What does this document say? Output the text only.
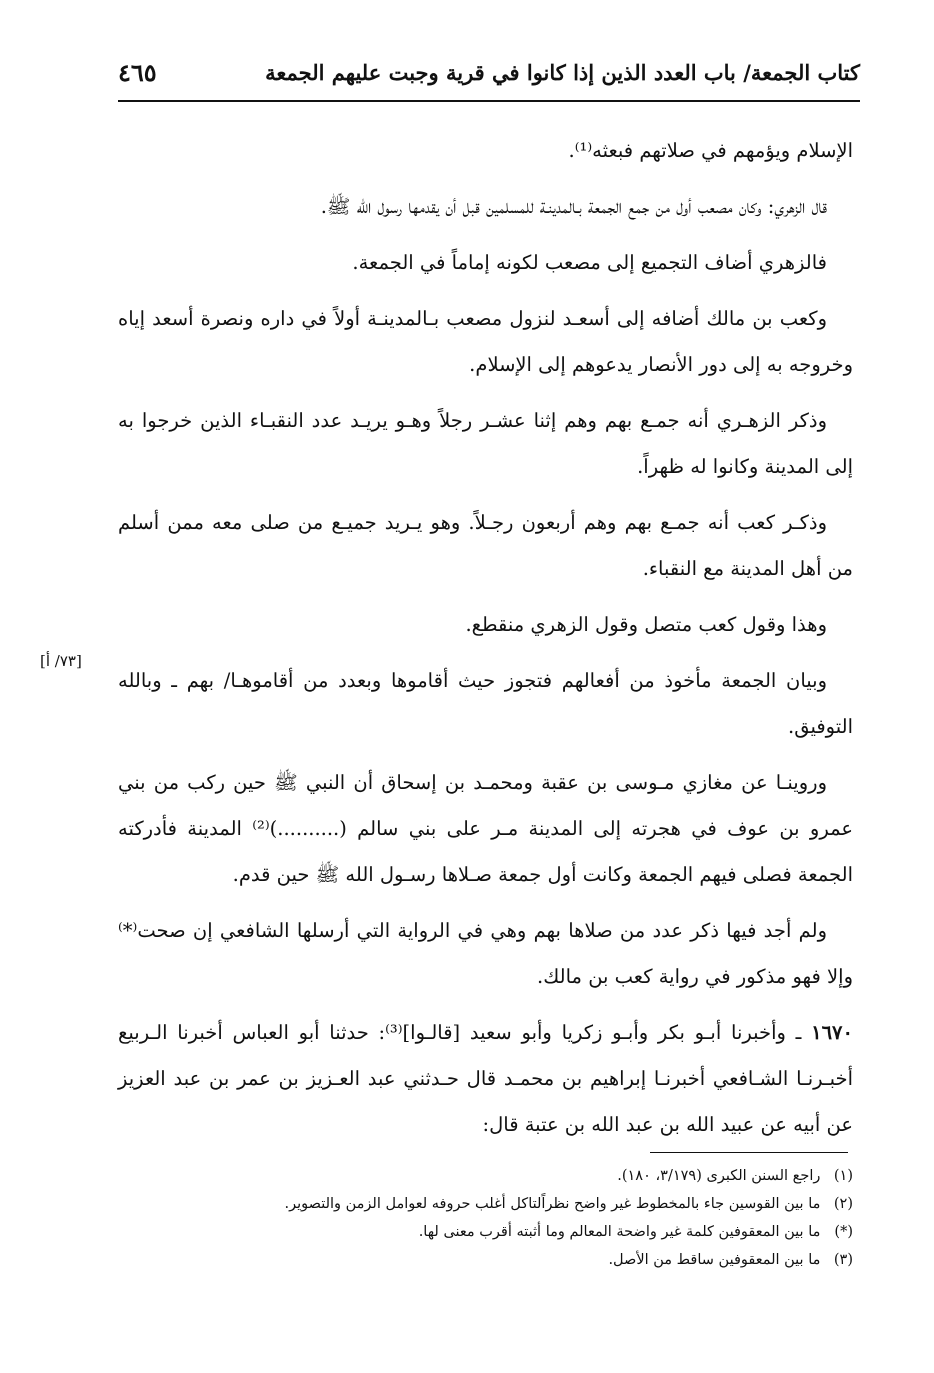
كتاب الجمعة/ باب العدد الذين إذا كانوا في قرية وجبت عليهم الجمعة
٤٦٥

الإسلام ويؤمهم في صلاتهم فبعثه⁽¹⁾.

قال الزهري: وكان مصعب أول من جمع الجمعة بـالمدينـة للمسلمين قبل أن يقدمها رسول الله ﷺ.

فالزهري أضاف التجميع إلى مصعب لكونه إماماً في الجمعة.

وكعب بن مالك أضافه إلى أسعـد لنزول مصعب بـالمدينـة أولاً في داره ونصرة أسعد إياه وخروجه به إلى دور الأنصار يدعوهم إلى الإسلام.

وذكر الزهـري أنه جمـع بهم وهم إثنا عشـر رجلاً وهـو يريـد عدد النقبـاء الذين خرجوا به إلى المدينة وكانوا له ظهراً.

وذكـر كعب أنه جمـع بهم وهم أربعون رجـلاً. وهو يـريد جميـع من صلى معه ممن أسلم من أهل المدينة مع النقباء.

وهذا وقول كعب متصل وقول الزهري منقطع.

وبيان الجمعة مأخوذ من أفعالهم فتجوز حيث أقاموها وبعدد من أقاموهـا/ بهم ـ وبالله التوفيق.

وروينـا عن مغازي مـوسى بن عقبة ومحمـد بن إسحاق أن النبي ﷺ حين ركب من بني عمرو بن عوف في هجرته إلى المدينة مـر على بني سالم (..........)⁽²⁾ المدينة فأدركته الجمعة فصلى فيهم الجمعة وكانت أول جمعة صـلاها رسـول الله ﷺ حين قدم.

ولم أجد فيها ذكر عدد من صلاها بهم وهي في الرواية التي أرسلها الشافعي إن صحت⁽*⁾ وإلا فهو مذكور في رواية كعب بن مالك.

١٦٧٠ ـ وأخبرنا أبـو بكر وأبـو زكريا وأبو سعيد [قالـوا]⁽³⁾: حدثنا أبو العباس أخبرنا الـربيع أخبـرنـا الشـافعي أخبرنـا إبراهيم بن محمـد قال حـدثني عبد العـزيز بن عمر بن عبد العزيز عن أبيه عن عبيد الله بن عبد الله بن عتبة قال:

[٧٣/ أ]
(١) راجع السنن الكبرى (٣/١٧٩، ١٨٠).
(٢) ما بين القوسين جاء بالمخطوط غير واضح نظراًلتاكل أغلب حروفه لعوامل الزمن والتصوير.
(*) ما بين المعقوفين كلمة غير واضحة المعالم وما أثبته أقرب معنى لها.
(٣) ما بين المعقوفين ساقط من الأصل.
